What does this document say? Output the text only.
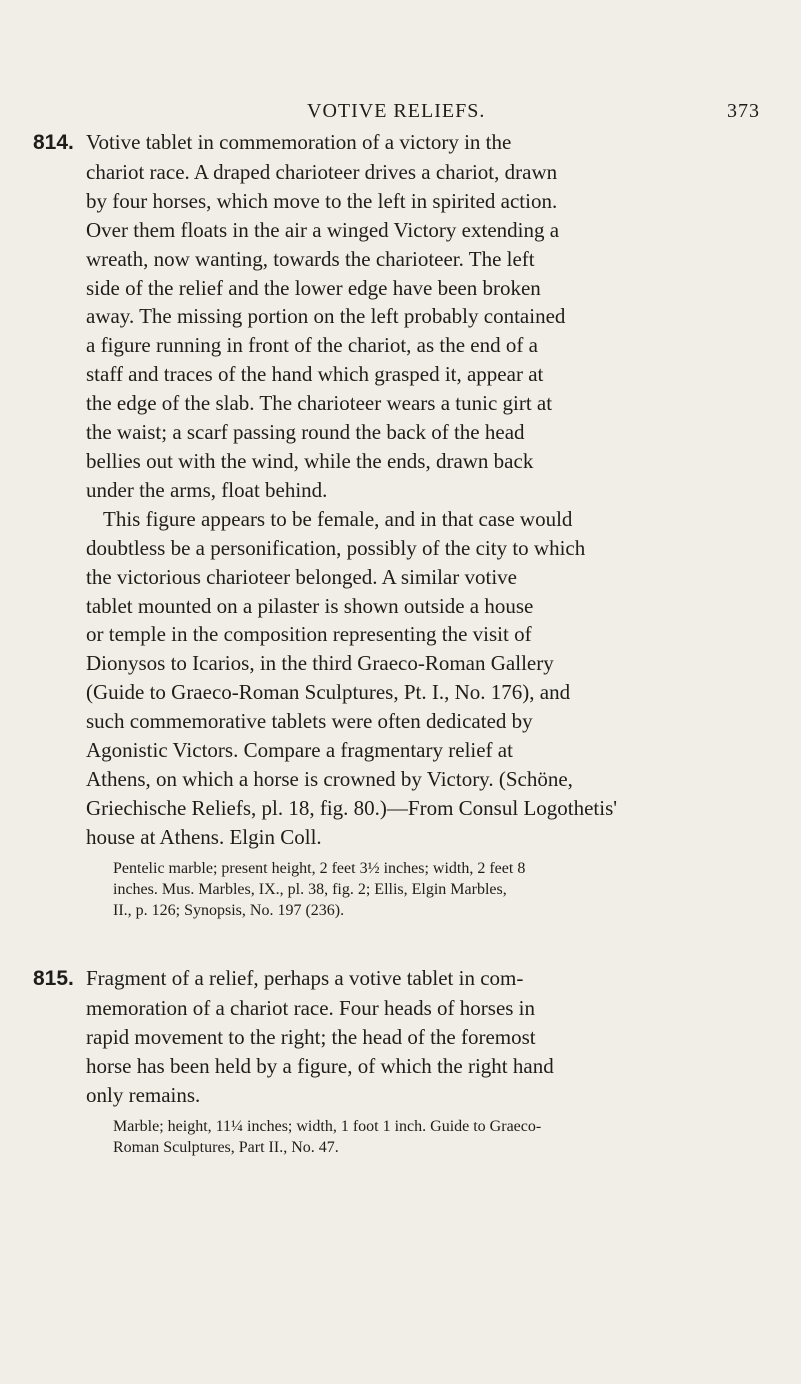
VOTIVE RELIEFS.	373

814. Votive tablet in commemoration of a victory in the
chariot race. A draped charioteer drives a chariot, drawn
by four horses, which move to the left in spirited action.
Over them floats in the air a winged Victory extending a
wreath, now wanting, towards the charioteer. The left
side of the relief and the lower edge have been broken
away. The missing portion on the left probably contained
a figure running in front of the chariot, as the end of a
staff and traces of the hand which grasped it, appear at
the edge of the slab. The charioteer wears a tunic girt at
the waist; a scarf passing round the back of the head
bellies out with the wind, while the ends, drawn back
under the arms, float behind.
This figure appears to be female, and in that case would
doubtless be a personification, possibly of the city to which
the victorious charioteer belonged. A similar votive
tablet mounted on a pilaster is shown outside a house
or temple in the composition representing the visit of
Dionysos to Icarios, in the third Graeco-Roman Gallery
(Guide to Graeco-Roman Sculptures, Pt. I., No. 176), and
such commemorative tablets were often dedicated by
Agonistic Victors. Compare a fragmentary relief at
Athens, on which a horse is crowned by Victory. (Schöne,
Griechische Reliefs, pl. 18, fig. 80.)—From Consul Logothetis'
house at Athens. Elgin Coll.

Pentelic marble; present height, 2 feet 3½ inches; width, 2 feet 8
inches. Mus. Marbles, IX., pl. 38, fig. 2; Ellis, Elgin Marbles,
II., p. 126; Synopsis, No. 197 (236).

815. Fragment of a relief, perhaps a votive tablet in com-
memoration of a chariot race. Four heads of horses in
rapid movement to the right; the head of the foremost
horse has been held by a figure, of which the right hand
only remains.

Marble; height, 11¼ inches; width, 1 foot 1 inch. Guide to Graeco-
Roman Sculptures, Part II., No. 47.
